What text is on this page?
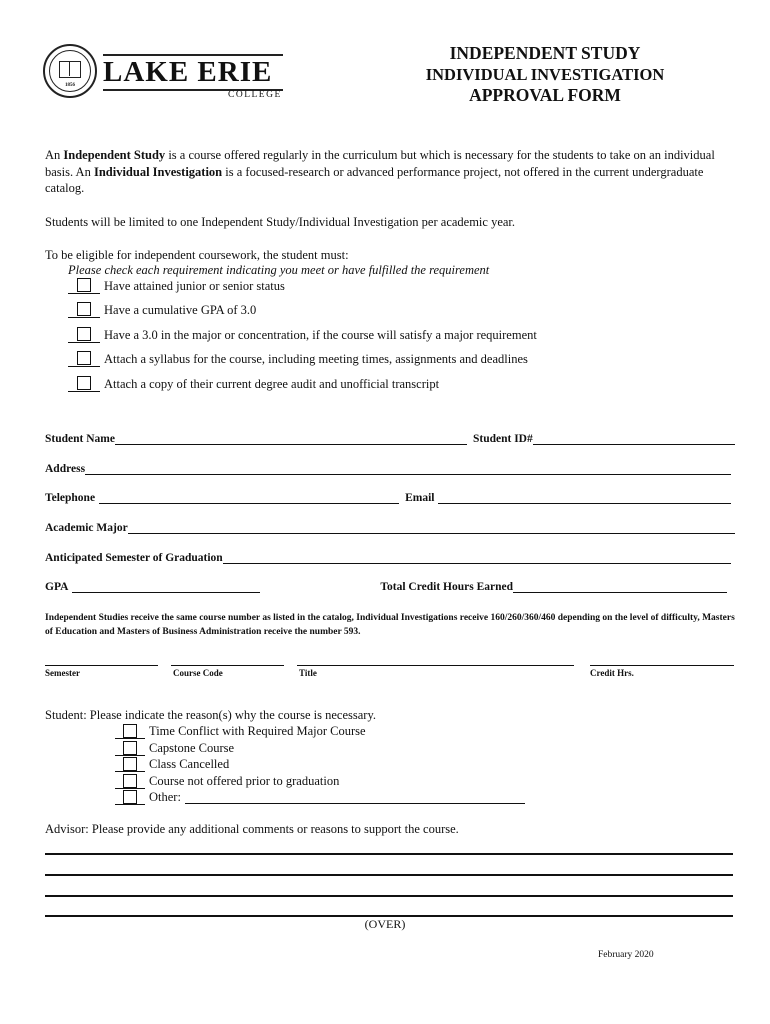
1856 LAKE ERIE
COLLEGE
INDEPENDENT STUDY
INDIVIDUAL INVESTIGATION
APPROVAL FORM
An Independent Study is a course offered regularly in the curriculum but which is necessary for the students to take on an individual basis. An Individual Investigation is a focused-research or advanced performance project, not offered in the current undergraduate catalog.
Students will be limited to one Independent Study/Individual Investigation per academic year.
To be eligible for independent coursework, the student must:
Please check each requirement indicating you meet or have fulfilled the requirement
Have attained junior or senior status
Have a cumulative GPA of 3.0
Have a 3.0 in the major or concentration, if the course will satisfy a major requirement
Attach a syllabus for the course, including meeting times, assignments and deadlines
Attach a copy of their current degree audit and unofficial transcript
Student Name	Student ID#
Address
Telephone	Email
Academic Major
Anticipated Semester of Graduation
GPA	Total Credit Hours Earned
Independent Studies receive the same course number as listed in the catalog, Individual Investigations receive 160/260/360/460 depending on the level of difficulty, Masters of Education and Masters of Business Administration receive the number 593.
Semester	Course Code	Title	Credit Hrs.
Student: Please indicate the reason(s) why the course is necessary.
Time Conflict with Required Major Course
Capstone Course
Class Cancelled
Course not offered prior to graduation
Other:
Advisor: Please provide any additional comments or reasons to support the course.
(OVER)
February 2020
